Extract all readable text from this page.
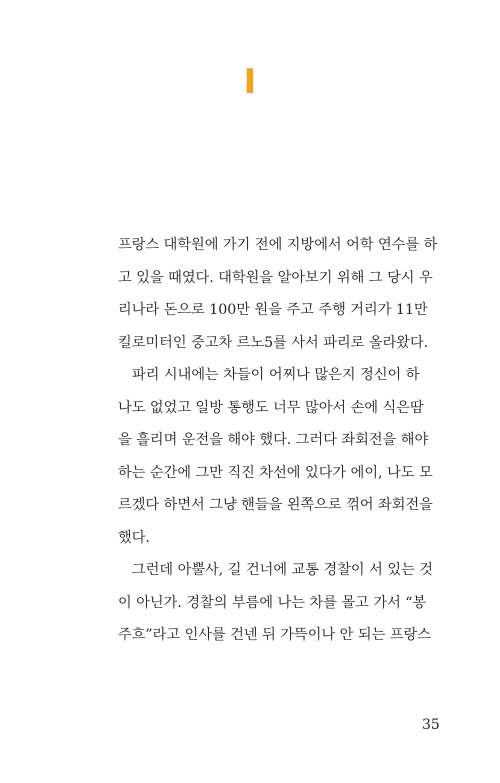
I
프랑스 대학원에 가기 전에 지방에서 어학 연수를 하
고 있을 때였다. 대학원을 알아보기 위해 그 당시 우
리나라 돈으로 100만 원을 주고 주행 거리가 11만
킬로미터인 중고차 르노5를 사서 파리로 올라왔다.
파리 시내에는 차들이 어찌나 많은지 정신이 하
나도 없었고 일방 통행도 너무 많아서 손에 식은땀
을 흘리며 운전을 해야 했다. 그러다 좌회전을 해야
하는 순간에 그만 직진 차선에 있다가 에이, 나도 모
르겠다 하면서 그냥 핸들을 왼쪽으로 꺾어 좌회전을
했다.
그런데 아뿔사, 길 건너에 교통 경찰이 서 있는 것
이 아닌가. 경찰의 부름에 나는 차를 몰고 가서 “봉
주흐”라고 인사를 건넨 뒤 가뜩이나 안 되는 프랑스
35
